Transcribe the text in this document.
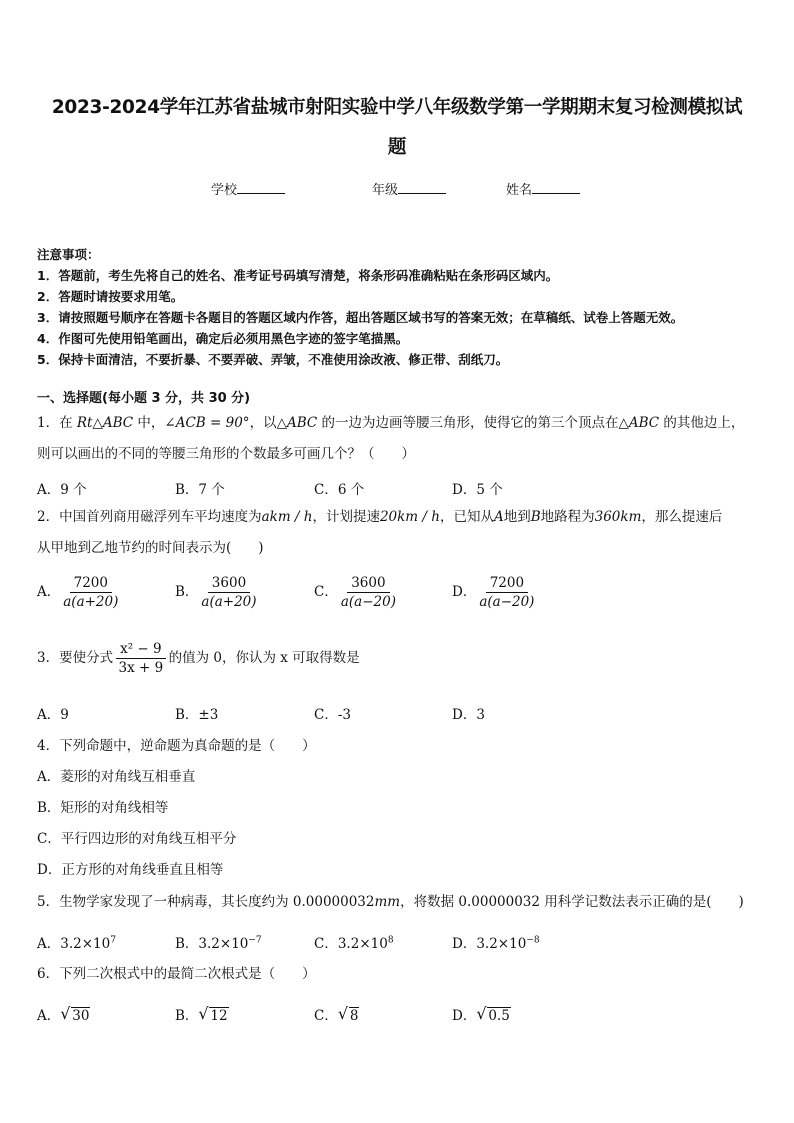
2023-2024学年江苏省盐城市射阳实验中学八年级数学第一学期期末复习检测模拟试
题
学校	年级	姓名
注意事项：
1．答题前，考生先将自己的姓名、准考证号码填写清楚，将条形码准确粘贴在条形码区域内。
2．答题时请按要求用笔。
3．请按照题号顺序在答题卡各题目的答题区域内作答，超出答题区域书写的答案无效；在草稿纸、试卷上答题无效。
4．作图可先使用铅笔画出，确定后必须用黑色字迹的签字笔描黑。
5．保持卡面清洁，不要折暴、不要弄破、弄皱，不准使用涂改液、修正带、刮纸刀。
一、选择题(每小题 3 分，共 30 分)
1．在 Rt△ABC 中，∠ACB = 90°，以△ABC 的一边为边画等腰三角形，使得它的第三个顶点在△ABC 的其他边上，
则可以画出的不同的等腰三角形的个数最多可画几个？（　　）
A．9 个	B．7 个	C．6 个	D．5 个
2．中国首列商用磁浮列车平均速度为akm / h，计划提速20km / h，已知从A地到B地路程为360km，那么提速后
从甲地到乙地节约的时间表示为(　　)
A． $\frac{7200}{a(a+20)}$	B． $\frac{3600}{a(a+20)}$	C． $\frac{3600}{a(a-20)}$	D． $\frac{7200}{a(a-20)}$
3．要使分式 $\frac{\text{x² − 9}}{3x + 9}$ 的值为 0，你认为 x 可取得数是
A．9	B．±3	C．-3	D．3
4．下列命题中，逆命题为真命题的是（　　）
A．菱形的对角线互相垂直
B．矩形的对角线相等
C．平行四边形的对角线互相平分
D．正方形的对角线垂直且相等
5．生物学家发现了一种病毒，其长度约为 0.00000032mm，将数据 0.00000032 用科学记数法表示正确的是(　　)
A．$3.2\times 10^7$	B．$3.2\times 10^{-7}$	C．$3.2\times 10^8$	D．$3.2\times 10^{-8}$
6．下列二次根式中的最简二次根式是（　　）
A． √ 30	B． √ 12	C． √ 8	D． √ 0.5
